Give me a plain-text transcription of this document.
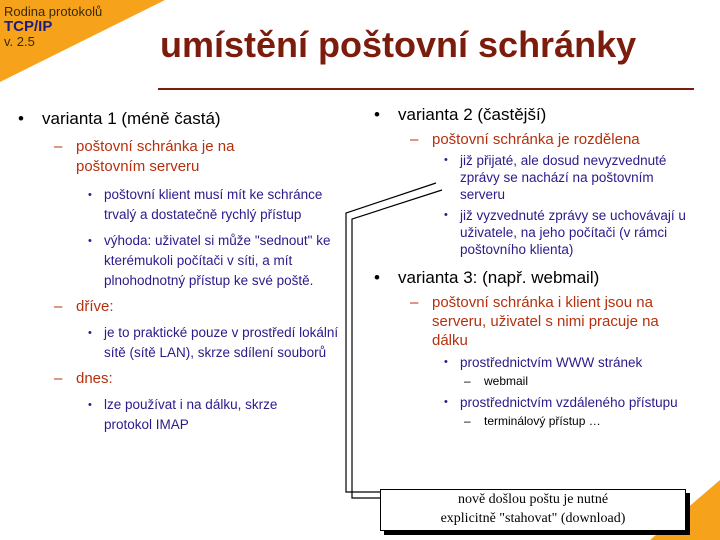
Rodina protokolů
TCP/IP
v. 2.5	umístění poštovní schránky
• varianta 1 (méně častá)
– poštovní schránka je na poštovním serveru
• poštovní klient musí mít ke schránce trvalý a dostatečně rychlý přístup
• výhoda: uživatel si může "sednout" ke kterémukoli počítači v síti, a mít plnohodnotný přístup ke své poště.
– dříve:
• je to praktické pouze v prostředí lokální sítě (sítě LAN), skrze sdílení souborů
– dnes:
• lze používat i na dálku, skrze protokol IMAP
• varianta 2 (častější)
– poštovní schránka je rozdělena
• již přijaté, ale dosud nevyzvednuté zprávy se nachází na poštovním serveru
• již vyzvednuté zprávy se uchovávají u uživatele, na jeho počítači (v rámci poštovního klienta)
• varianta 3: (např. webmail)
– poštovní schránka i klient jsou na serveru, uživatel s nimi pracuje na dálku
• prostřednictvím WWW stránek
– webmail
• prostřednictvím vzdáleného přístupu
– terminálový přístup …
nově došlou poštu je nutné
explicitně "stahovat" (download)
